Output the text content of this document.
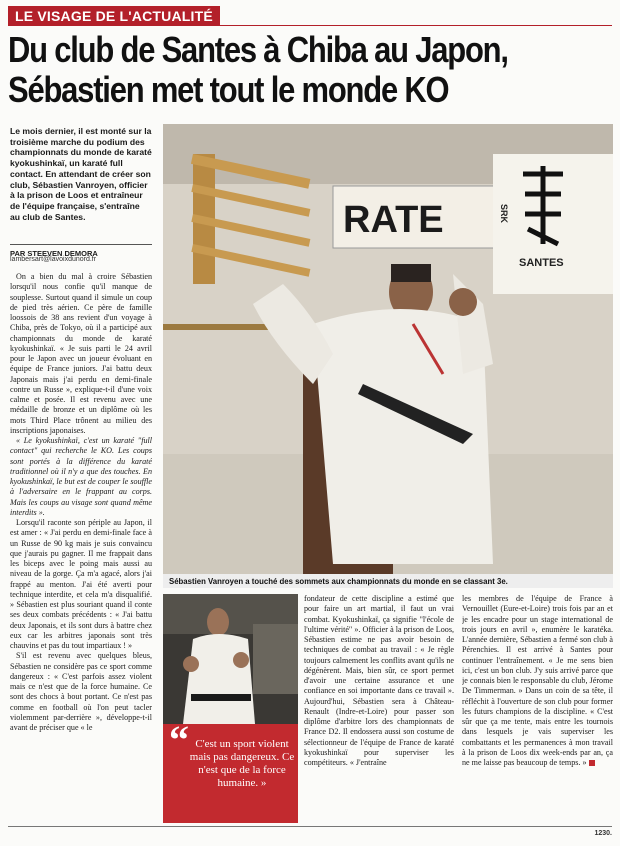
LE VISAGE DE L'ACTUALITÉ
Du club de Santes à Chiba au Japon,
Sébastien met tout le monde KO
Le mois dernier, il est monté sur la troisième marche du podium des championnats du monde de karaté kyokushinkaï, un karaté full contact. En attendant de créer son club, Sébastien Vanroyen, officier à la prison de Loos et entraîneur de l'équipe française, s'entraîne au club de Santes.
PAR STEEVEN DEMORA
lambersart@lavoixdunord.fr

On a bien du mal à croire Sébastien lorsqu'il nous confie qu'il manque de souplesse. Surtout quand il simule un coup de pied très aérien. Ce père de famille loossois de 38 ans revient d'un voyage à Chiba, près de Tokyo, où il a participé aux championnats du monde de karaté kyokushinkaï. « Je suis parti le 24 avril pour le Japon avec un joueur évoluant en équipe de France juniors. J'ai battu deux Japonais mais j'ai perdu en demi-finale contre un Russe », explique-t-il d'une voix calme et posée. Il est revenu avec une médaille de bronze et un diplôme où les mots Third Place trônent au milieu des inscriptions japonaises.

« Le kyokushinkaï, c'est un karaté "full contact" qui recherche le KO. Les coups sont portés à la différence du karaté traditionnel où il n'y a que des touches. En kyokushinkaï, le but est de couper le souffle à l'adversaire en le frappant au corps. Mais les coups au visage sont quand même interdits ».

Lorsqu'il raconte son périple au Japon, il est amer : « J'ai perdu en demi-finale face à un Russe de 90 kg mais je suis convaincu que j'aurais pu gagner. Il me frappait dans les biceps avec le poing mais aussi au niveau de la gorge. Ça m'a agacé, alors j'ai frappé au menton. J'ai été averti pour technique interdite, et cela m'a disqualifié. » Sébastien est plus souriant quand il conte ses deux combats précédents : « J'ai battu deux Japonais, et ils sont durs à battre chez eux car les arbitres japonais sont très chauvins et pas du tout impartiaux ! »

S'il est revenu avec quelques bleus, Sébastien ne considère pas ce sport comme dangereux : « C'est parfois assez violent mais ce n'est que de la force humaine. Ce sont des chocs à bout portant. Ce n'est pas comme en football où l'on peut tacler violemment par-derrière », développe-t-il avant de préciser que « le

RATE	SRK
SANTES
Sébastien Vanroyen a touché des sommets aux championnats du monde en se classant 3e.
“ C'est un sport violent mais pas dangereux. Ce n'est que de la force humaine. »
fondateur de cette discipline a estimé que pour faire un art martial, il faut un vrai combat. Kyokushinkaï, ça signifie "l'école de l'ultime vérité" ». Officier à la prison de Loos, Sébastien estime ne pas avoir besoin de techniques de combat au travail : « Je règle toujours calmement les conflits avant qu'ils ne dégénèrent. Mais, bien sûr, ce sport permet d'avoir une certaine assurance et une confiance en soi importante dans ce travail ». Aujourd'hui, Sébastien sera à Château-Renault (Indre-et-Loire) pour passer son diplôme d'arbitre lors des championnats de France D2. Il endossera aussi son costume de sélectionneur de l'équipe de France de karaté kyokushinkaï pour superviser les compétiteurs. « J'entraîne
les membres de l'équipe de France à Vernouillet (Eure-et-Loire) trois fois par an et je les encadre pour un stage international de trois jours en avril », enumère le karatéka. L'année dernière, Sébastien a fermé son club à Pérenchies. Il est arrivé à Santes pour continuer l'entraînement. « Je me sens bien ici, c'est un bon club. J'y suis arrivé parce que je connais bien le responsable du club, Jérome De Timmerman. » Dans un coin de sa tête, il réfléchit à l'ouverture de son club pour former les futurs champions de la discipline. « C'est sûr que ça me tente, mais entre les tournois dans lesquels je vais superviser les combattants et les permanences à mon travail à la prison de Loos dix week-ends par an, ça ne me laisse pas beaucoup de temps. »
1230.
